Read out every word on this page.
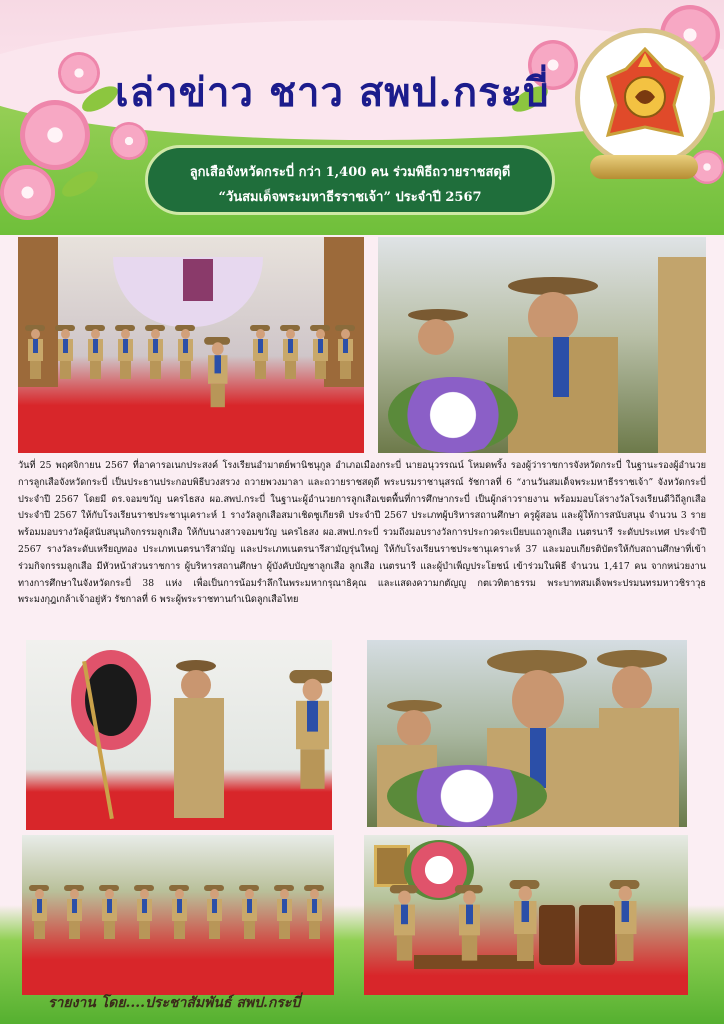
เล่าข่าว ชาว สพป.กระบี่
ลูกเสือจังหวัดกระบี่ กว่า 1,400 คน ร่วมพิธีถวายราชสดุดี
“วันสมเด็จพระมหาธีรราชเจ้า” ประจำปี 2567

วันที่ 25 พฤศจิกายน 2567 ที่อาคารอเนกประสงค์ โรงเรียนอำมาตย์พานิชนุกูล อำเภอเมืองกระบี่ นายอนุวรรณน์ โหมดพริ้ง รองผู้ว่าราชการจังหวัดกระบี่ ในฐานะรองผู้อำนวยการลูกเสือจังหวัดกระบี่ เป็นประธานประกอบพิธีบวงสรวง ถวายพวงมาลา และถวายราชสดุดี พระบรมราชานุสรณ์ รัชกาลที่ 6 “งานวันสมเด็จพระมหาธีรราชเจ้า” จังหวัดกระบี่ ประจำปี 2567 โดยมี ดร.จอมขวัญ นครไธสง ผอ.สพป.กระบี่ ในฐานะผู้อำนวยการลูกเสือเขตพื้นที่การศึกษากระบี่ เป็นผู้กล่าวรายงาน พร้อมมอบโล่รางวัลโรงเรียนดีวิถีลูกเสือ ประจำปี 2567 ให้กับโรงเรียนราชประชานุเคราะห์ 1 รางวัลลูกเสือสมาเชิดชูเกียรติ ประจำปี 2567 ประเภทผู้บริหารสถานศึกษา ครูผู้สอน และผู้ให้การสนับสนุน จำนวน 3 ราย พร้อมมอบรางวัลผู้สนับสนุนกิจกรรมลูกเสือ ให้กับนางสาวจอมขวัญ นครไธสง ผอ.สพป.กระบี่ รวมถึงมอบรางวัลการประกวดระเบียบแถวลูกเสือ เนตรนารี ระดับประเทศ ประจำปี 2567 รางวัลระดับเหรียญทอง ประเภทเนตรนารีสามัญ และประเภทเนตรนารีสามัญรุ่นใหญ่ ให้กับโรงเรียนราชประชานุเคราะห์ 37 และมอบเกียรติบัตรให้กับสถานศึกษาที่เข้าร่วมกิจกรรมลูกเสือ มีหัวหน้าส่วนราชการ ผู้บริหารสถานศึกษา ผู้บังคับบัญชาลูกเสือ ลูกเสือ เนตรนารี และผู้บำเพ็ญประโยชน์ เข้าร่วมในพิธี จำนวน 1,417 คน จากหน่วยงานทางการศึกษาในจังหวัดกระบี่ 38 แห่ง เพื่อเป็นการน้อมรำลึกในพระมหากรุณาธิคุณ และแสดงความกตัญญู กตเวทิตาธรรม พระบาทสมเด็จพระปรมนทรมหาวชิราวุธพระมงกุฎเกล้าเจ้าอยู่หัว รัชกาลที่ 6 พระผู้พระราชทานกำเนิดลูกเสือไทย

รายงาน โดย....ประชาสัมพันธ์ สพป.กระบี่
